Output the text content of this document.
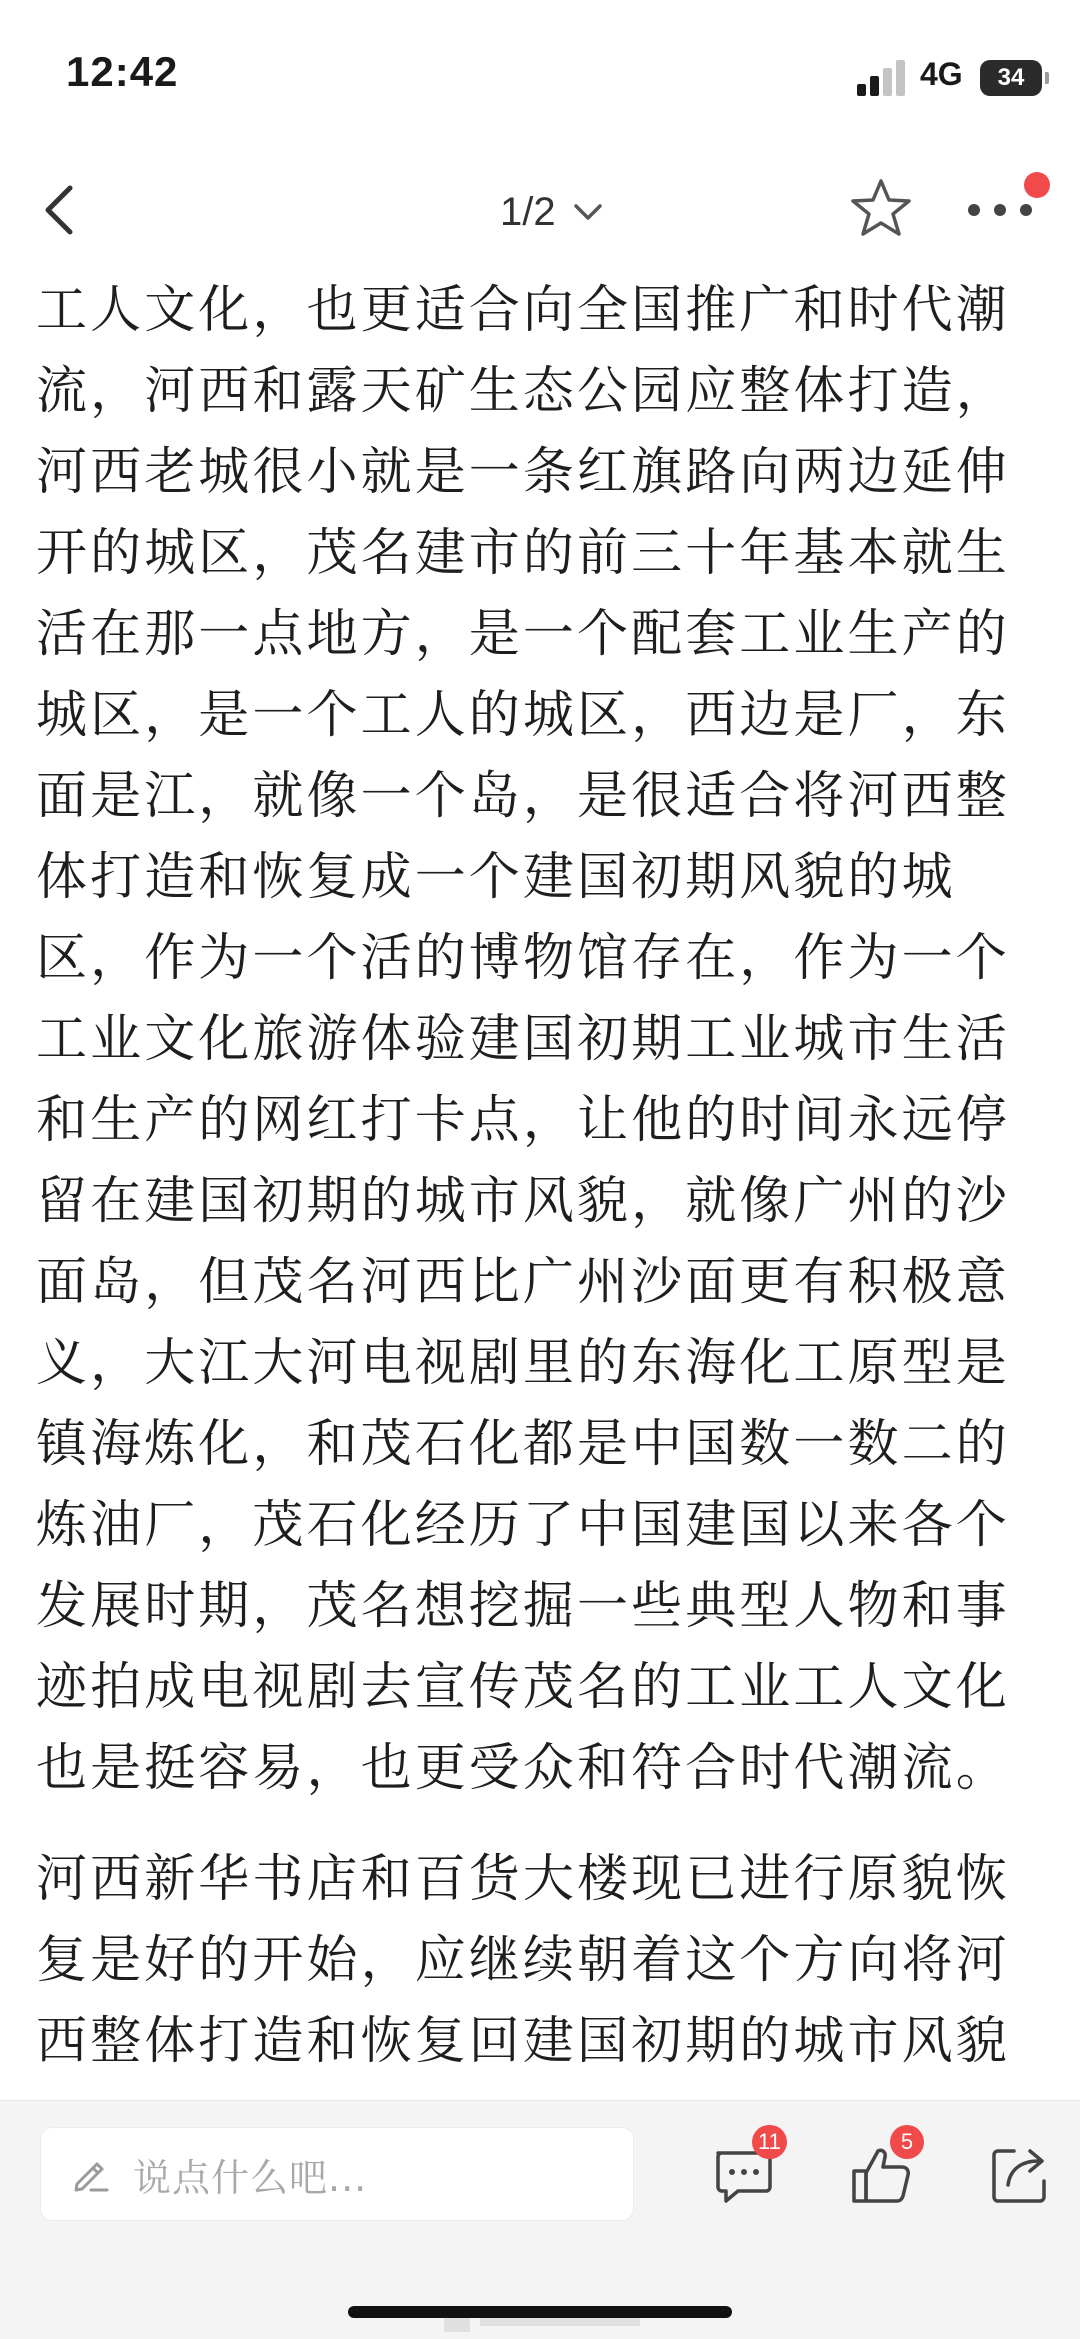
12:42	4G	34
1/2

工人文化，也更适合向全国推广和时代潮流，河西和露天矿生态公园应整体打造，河西老城很小就是一条红旗路向两边延伸开的城区，茂名建市的前三十年基本就生活在那一点地方，是一个配套工业生产的城区，是一个工人的城区，西边是厂，东面是江，就像一个岛，是很适合将河西整体打造和恢复成一个建国初期风貌的城区，作为一个活的博物馆存在，作为一个工业文化旅游体验建国初期工业城市生活和生产的网红打卡点，让他的时间永远停留在建国初期的城市风貌，就像广州的沙面岛，但茂名河西比广州沙面更有积极意义，大江大河电视剧里的东海化工原型是镇海炼化，和茂石化都是中国数一数二的炼油厂，茂石化经历了中国建国以来各个发展时期，茂名想挖掘一些典型人物和事迹拍成电视剧去宣传茂名的工业工人文化也是挺容易，也更受众和符合时代潮流。

河西新华书店和百货大楼现已进行原貌恢复是好的开始，应继续朝着这个方向将河西整体打造和恢复回建国初期的城市风貌

说点什么吧...
11	5
